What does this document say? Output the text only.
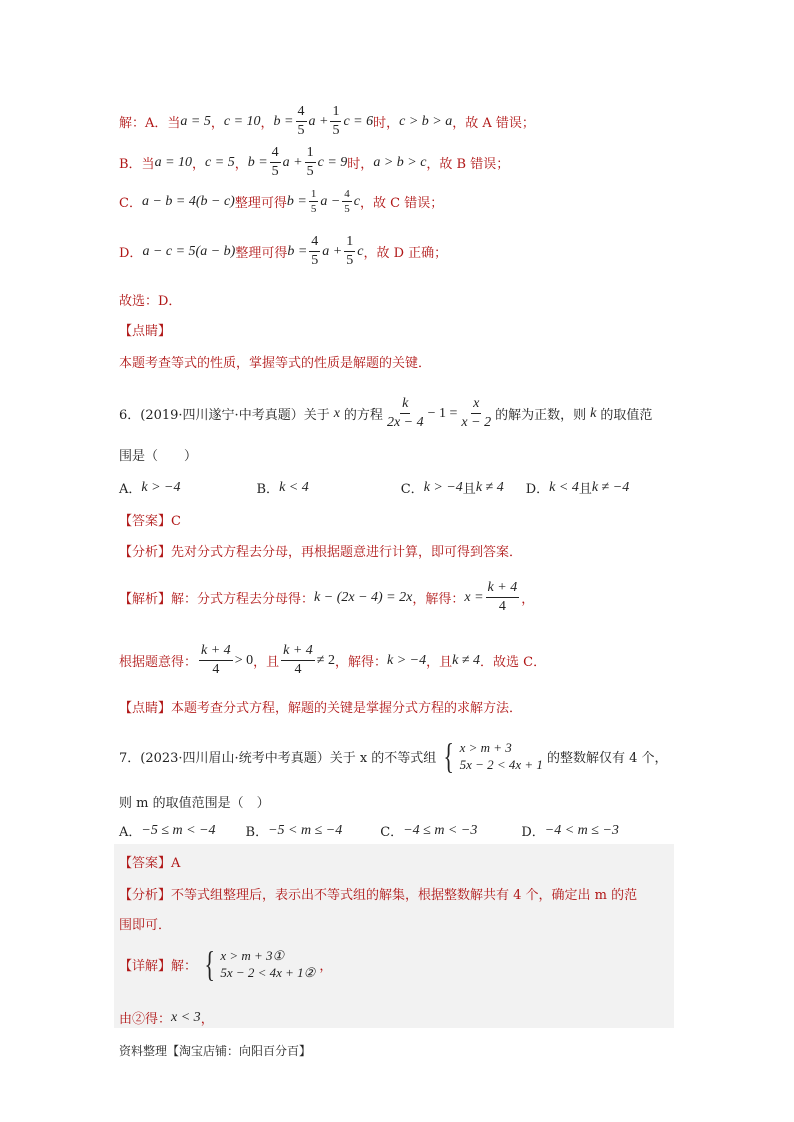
解：A．当 a = 5 ， c = 10 ， $b = \frac{4}{5}$ $a + \frac{1}{5}$ c = 6 时， c > b > a ，故 A 错误；
B．当 a = 10 ， c = 5 ， $b = \frac{4}{5}$ $a + \frac{1}{5}$ c = 9 时， a > b > c ，故 B 错误；
C． a − b = 4(b − c) 整理可得 $b = \frac{1}{5}$ $a - \frac{4}{5}$ c ，故 C 错误；
D． a − c = 5(a − b) 整理可得 $b = \frac{4}{5}$ $a + \frac{1}{5}$ c ，故 D 正确；
故选：D．
【点睛】
本题考查等式的性质，掌握等式的性质是解题的关键．
6．(2019·四川遂宁·中考真题）关于 x 的方程 $\frac{k}{2x - 4} - 1 = \frac{x}{x - 2}$ 的解为正数，则 k 的取值范
围是（　　）
A． k > −4	B． k < 4	C． k > −4 且 k ≠ 4 D． k < 4 且 k ≠ −4
【答案】C
【分析】 先对分式方程去分母，再根据题意进行计算，即可得到答案．
【解析】 解：分式方程去分母得： k − (2x − 4) = 2x ，解得： $x = \frac{k + 4}{4}$ ，
根据题意得： $\frac{k + 4}{4} > 0$ ，且 $\frac{k + 4}{4} \ne 2$ ，解得： k > −4 ，且 k ≠ 4 ．故选 C．
【点睛】 本题考查分式方程，解题的关键是掌握分式方程的求解方法．
7．(2023·四川眉山·统考中考真题）关于 x 的不等式组 { x > m + 3
5x − 2 < 4x + 1 的整数解仅有 4 个，
则 m 的取值范围是（　）
A． −5 ≤ m < −4 B． −5 < m ≤ −4	C． −4 ≤ m < −3	D． −4 < m ≤ −3
【答案】A
【分析】 不等式组整理后，表示出不等式组的解集，根据整数解共有 4 个，确定出 m 的范
围即可．
【详解】 解： { x > m + 3①
5x − 2 < 4x + 1② ，
由②得： x < 3 ，
资料整理【淘宝店铺：向阳百分百】
